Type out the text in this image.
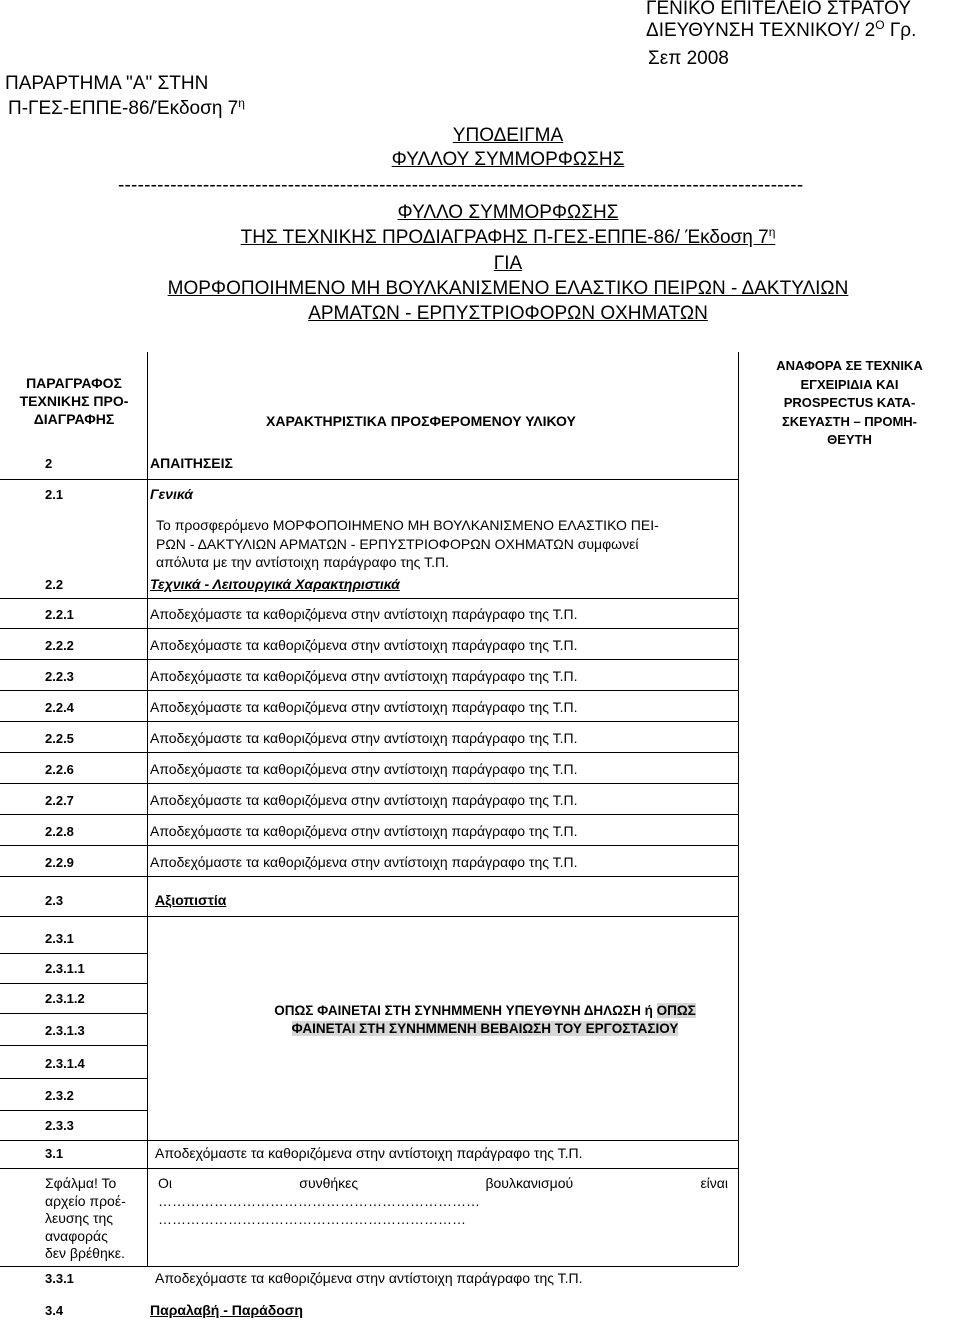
ΓΕΝΙΚΟ ΕΠΙΤΕΛΕΙΟ ΣΤΡΑΤΟΥ
ΔΙΕΥΘΥΝΣΗ ΤΕΧΝΙΚΟΥ/ $2^O$ Γρ.
Σεπ 2008
ΠΑΡΑΡΤΗΜΑ "Α" ΣΤΗΝ
Π-ΓΕΣ-ΕΠΠΕ-86/Έκδοση $7^\eta$
ΥΠΟΔΕΙΓΜΑ
ΦΥΛΛΟΥ ΣΥΜΜΟΡΦΩΣΗΣ
---------------------------------------------------------------------------------------------------------
ΦΥΛΛΟ ΣΥΜΜΟΡΦΩΣΗΣ
ΤΗΣ ΤΕΧΝΙΚΗΣ ΠΡΟΔΙΑΓΡΑΦΗΣ Π-ΓΕΣ-ΕΠΠΕ-86/ Έκδοση $7^\eta$
ΓΙΑ
ΜΟΡΦΟΠΟΙΗΜΕΝΟ ΜΗ ΒΟΥΛΚΑΝΙΣΜΕΝΟ ΕΛΑΣΤΙΚΟ ΠΕΙΡΩΝ - ΔΑΚΤΥΛΙΩΝ
ΑΡΜΑΤΩΝ - ΕΡΠΥΣΤΡΙΟΦΟΡΩΝ ΟΧΗΜΑΤΩΝ
ΠΑΡΑΓΡΑΦΟΣ
ΤΕΧΝΙΚΗΣ ΠΡΟ-
ΔΙΑΓΡΑΦΗΣ	ΧΑΡΑΚΤΗΡΙΣΤΙΚΑ ΠΡΟΣΦΕΡΟΜΕΝΟΥ ΥΛΙΚΟΥ
ΑΝΑΦΟΡΑ ΣΕ ΤΕΧΝΙΚΑ
ΕΓΧΕΙΡΙΔΙΑ ΚΑΙ
PROSPECTUS ΚΑΤΑ-
ΣΚΕΥΑΣΤΗ – ΠΡΟΜΗ-
ΘΕΥΤΗ
2	ΑΠΑΙΤΗΣΕΙΣ
2.1	Γενικά
Το προσφερόμενο ΜΟΡΦΟΠΟΙΗΜΕΝΟ ΜΗ ΒΟΥΛΚΑΝΙΣΜΕΝΟ ΕΛΑΣΤΙΚΟ ΠΕΙ-
ΡΩΝ - ΔΑΚΤΥΛΙΩΝ ΑΡΜΑΤΩΝ - ΕΡΠΥΣΤΡΙΟΦΟΡΩΝ ΟΧΗΜΑΤΩΝ συμφωνεί
απόλυτα με την αντίστοιχη παράγραφο της Τ.Π.
2.2	Τεχνικά - Λειτουργικά Χαρακτηριστικά
2.2.1	Αποδεχόμαστε τα καθοριζόμενα στην αντίστοιχη παράγραφο της Τ.Π.
2.2.2	Αποδεχόμαστε τα καθοριζόμενα στην αντίστοιχη παράγραφο της Τ.Π.
2.2.3	Αποδεχόμαστε τα καθοριζόμενα στην αντίστοιχη παράγραφο της Τ.Π.
2.2.4	Αποδεχόμαστε τα καθοριζόμενα στην αντίστοιχη παράγραφο της Τ.Π.
2.2.5	Αποδεχόμαστε τα καθοριζόμενα στην αντίστοιχη παράγραφο της Τ.Π.
2.2.6	Αποδεχόμαστε τα καθοριζόμενα στην αντίστοιχη παράγραφο της Τ.Π.
2.2.7	Αποδεχόμαστε τα καθοριζόμενα στην αντίστοιχη παράγραφο της Τ.Π.
2.2.8	Αποδεχόμαστε τα καθοριζόμενα στην αντίστοιχη παράγραφο της Τ.Π.
2.2.9	Αποδεχόμαστε τα καθοριζόμενα στην αντίστοιχη παράγραφο της Τ.Π.
2.3	Αξιοπιστία
2.3.1
2.3.1.1
2.3.1.2
2.3.1.3
2.3.1.4
2.3.2
2.3.3
ΟΠΩΣ ΦΑΙΝΕΤΑΙ ΣΤΗ ΣΥΝΗΜΜΕΝΗ ΥΠΕΥΘΥΝΗ ΔΗΛΩΣΗ ή ΟΠΩΣ
ΦΑΙΝΕΤΑΙ ΣΤΗ ΣΥΝΗΜΜΕΝΗ ΒΕΒΑΙΩΣΗ ΤΟΥ ΕΡΓΟΣΤΑΣΙΟΥ
3.1	Αποδεχόμαστε τα καθοριζόμενα στην αντίστοιχη παράγραφο της Τ.Π.
Σφάλμα! Το
αρχείο προέ-
λευσης της
αναφοράς
δεν βρέθηκε.
Οι	συνθήκες	βουλκανισμού	είναι
……………………………………………………………
…………………………………………………………
3.3.1	Αποδεχόμαστε τα καθοριζόμενα στην αντίστοιχη παράγραφο της Τ.Π.
3.4	Παραλαβή - Παράδοση
